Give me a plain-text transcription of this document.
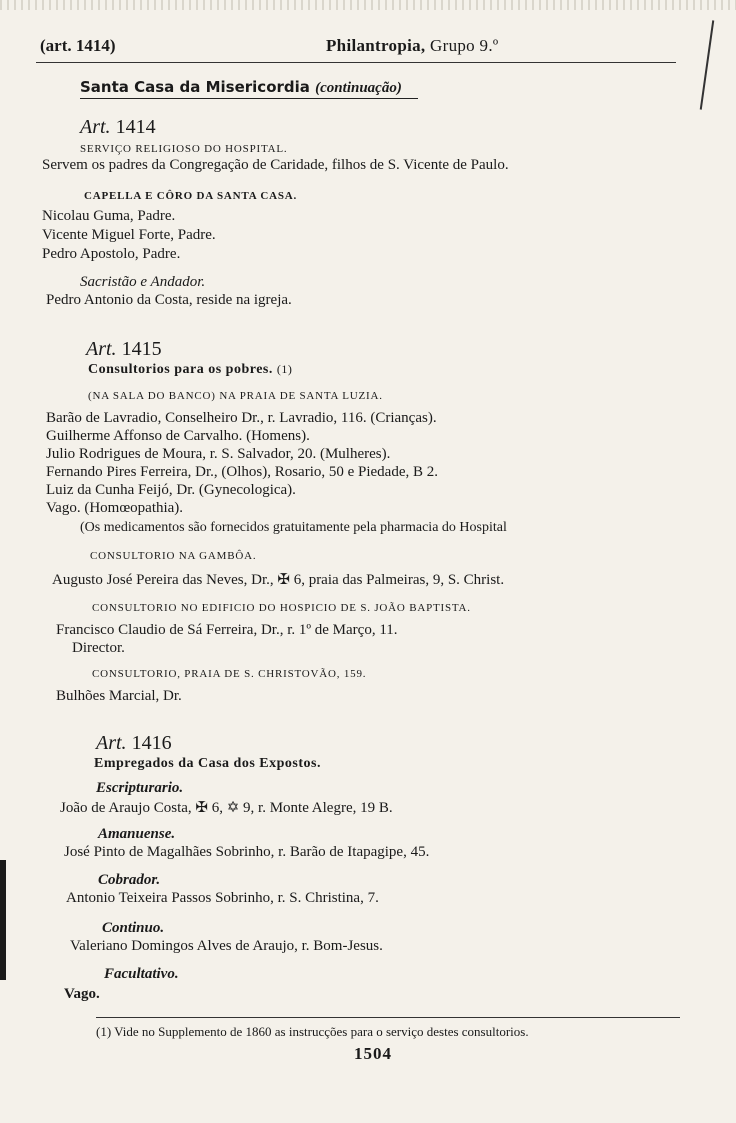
(art. 1414)	Philantropia, Grupo 9.º
Santa Casa da Misericordia (continuação)
Art. 1414
SERVIÇO RELIGIOSO DO HOSPITAL.
Servem os padres da Congregação de Caridade, filhos de S. Vicente de Paulo.
CAPELLA E CÔRO DA SANTA CASA.
Nicolau Guma, Padre.
Vicente Miguel Forte, Padre.
Pedro Apostolo, Padre.
Sacristão e Andador.
Pedro Antonio da Costa, reside na igreja.
Art. 1415
Consultorios para os pobres. (1)
(NA SALA DO BANCO) NA PRAIA DE SANTA LUZIA.
Barão de Lavradio, Conselheiro Dr., r. Lavradio, 116. (Crianças).
Guilherme Affonso de Carvalho. (Homens).
Julio Rodrigues de Moura, r. S. Salvador, 20. (Mulheres).
Fernando Pires Ferreira, Dr., (Olhos), Rosario, 50 e Piedade, B 2.
Luiz da Cunha Feijó, Dr. (Gynecologica).
Vago. (Homœopathia).
(Os medicamentos são fornecidos gratuitamente pela pharmacia do Hospital
CONSULTORIO NA GAMBÔA.
Augusto José Pereira das Neves, Dr., ✠ 6, praia das Palmeiras, 9, S. Christ.
CONSULTORIO NO EDIFICIO DO HOSPICIO DE S. JOÃO BAPTISTA.
Francisco Claudio de Sá Ferreira, Dr., r. 1º de Março, 11.
Director.
CONSULTORIO, PRAIA DE S. CHRISTOVÃO, 159.
Bulhões Marcial, Dr.
Art. 1416
Empregados da Casa dos Expostos.
Escripturario.
João de Araujo Costa, ✠ 6, ✡ 9, r. Monte Alegre, 19 B.
Amanuense.
José Pinto de Magalhães Sobrinho, r. Barão de Itapagipe, 45.
Cobrador.
Antonio Teixeira Passos Sobrinho, r. S. Christina, 7.
Continuo.
Valeriano Domingos Alves de Araujo, r. Bom-Jesus.
Facultativo.
Vago.
(1) Vide no Supplemento de 1860 as instrucções para o serviço destes consultorios.
1504
